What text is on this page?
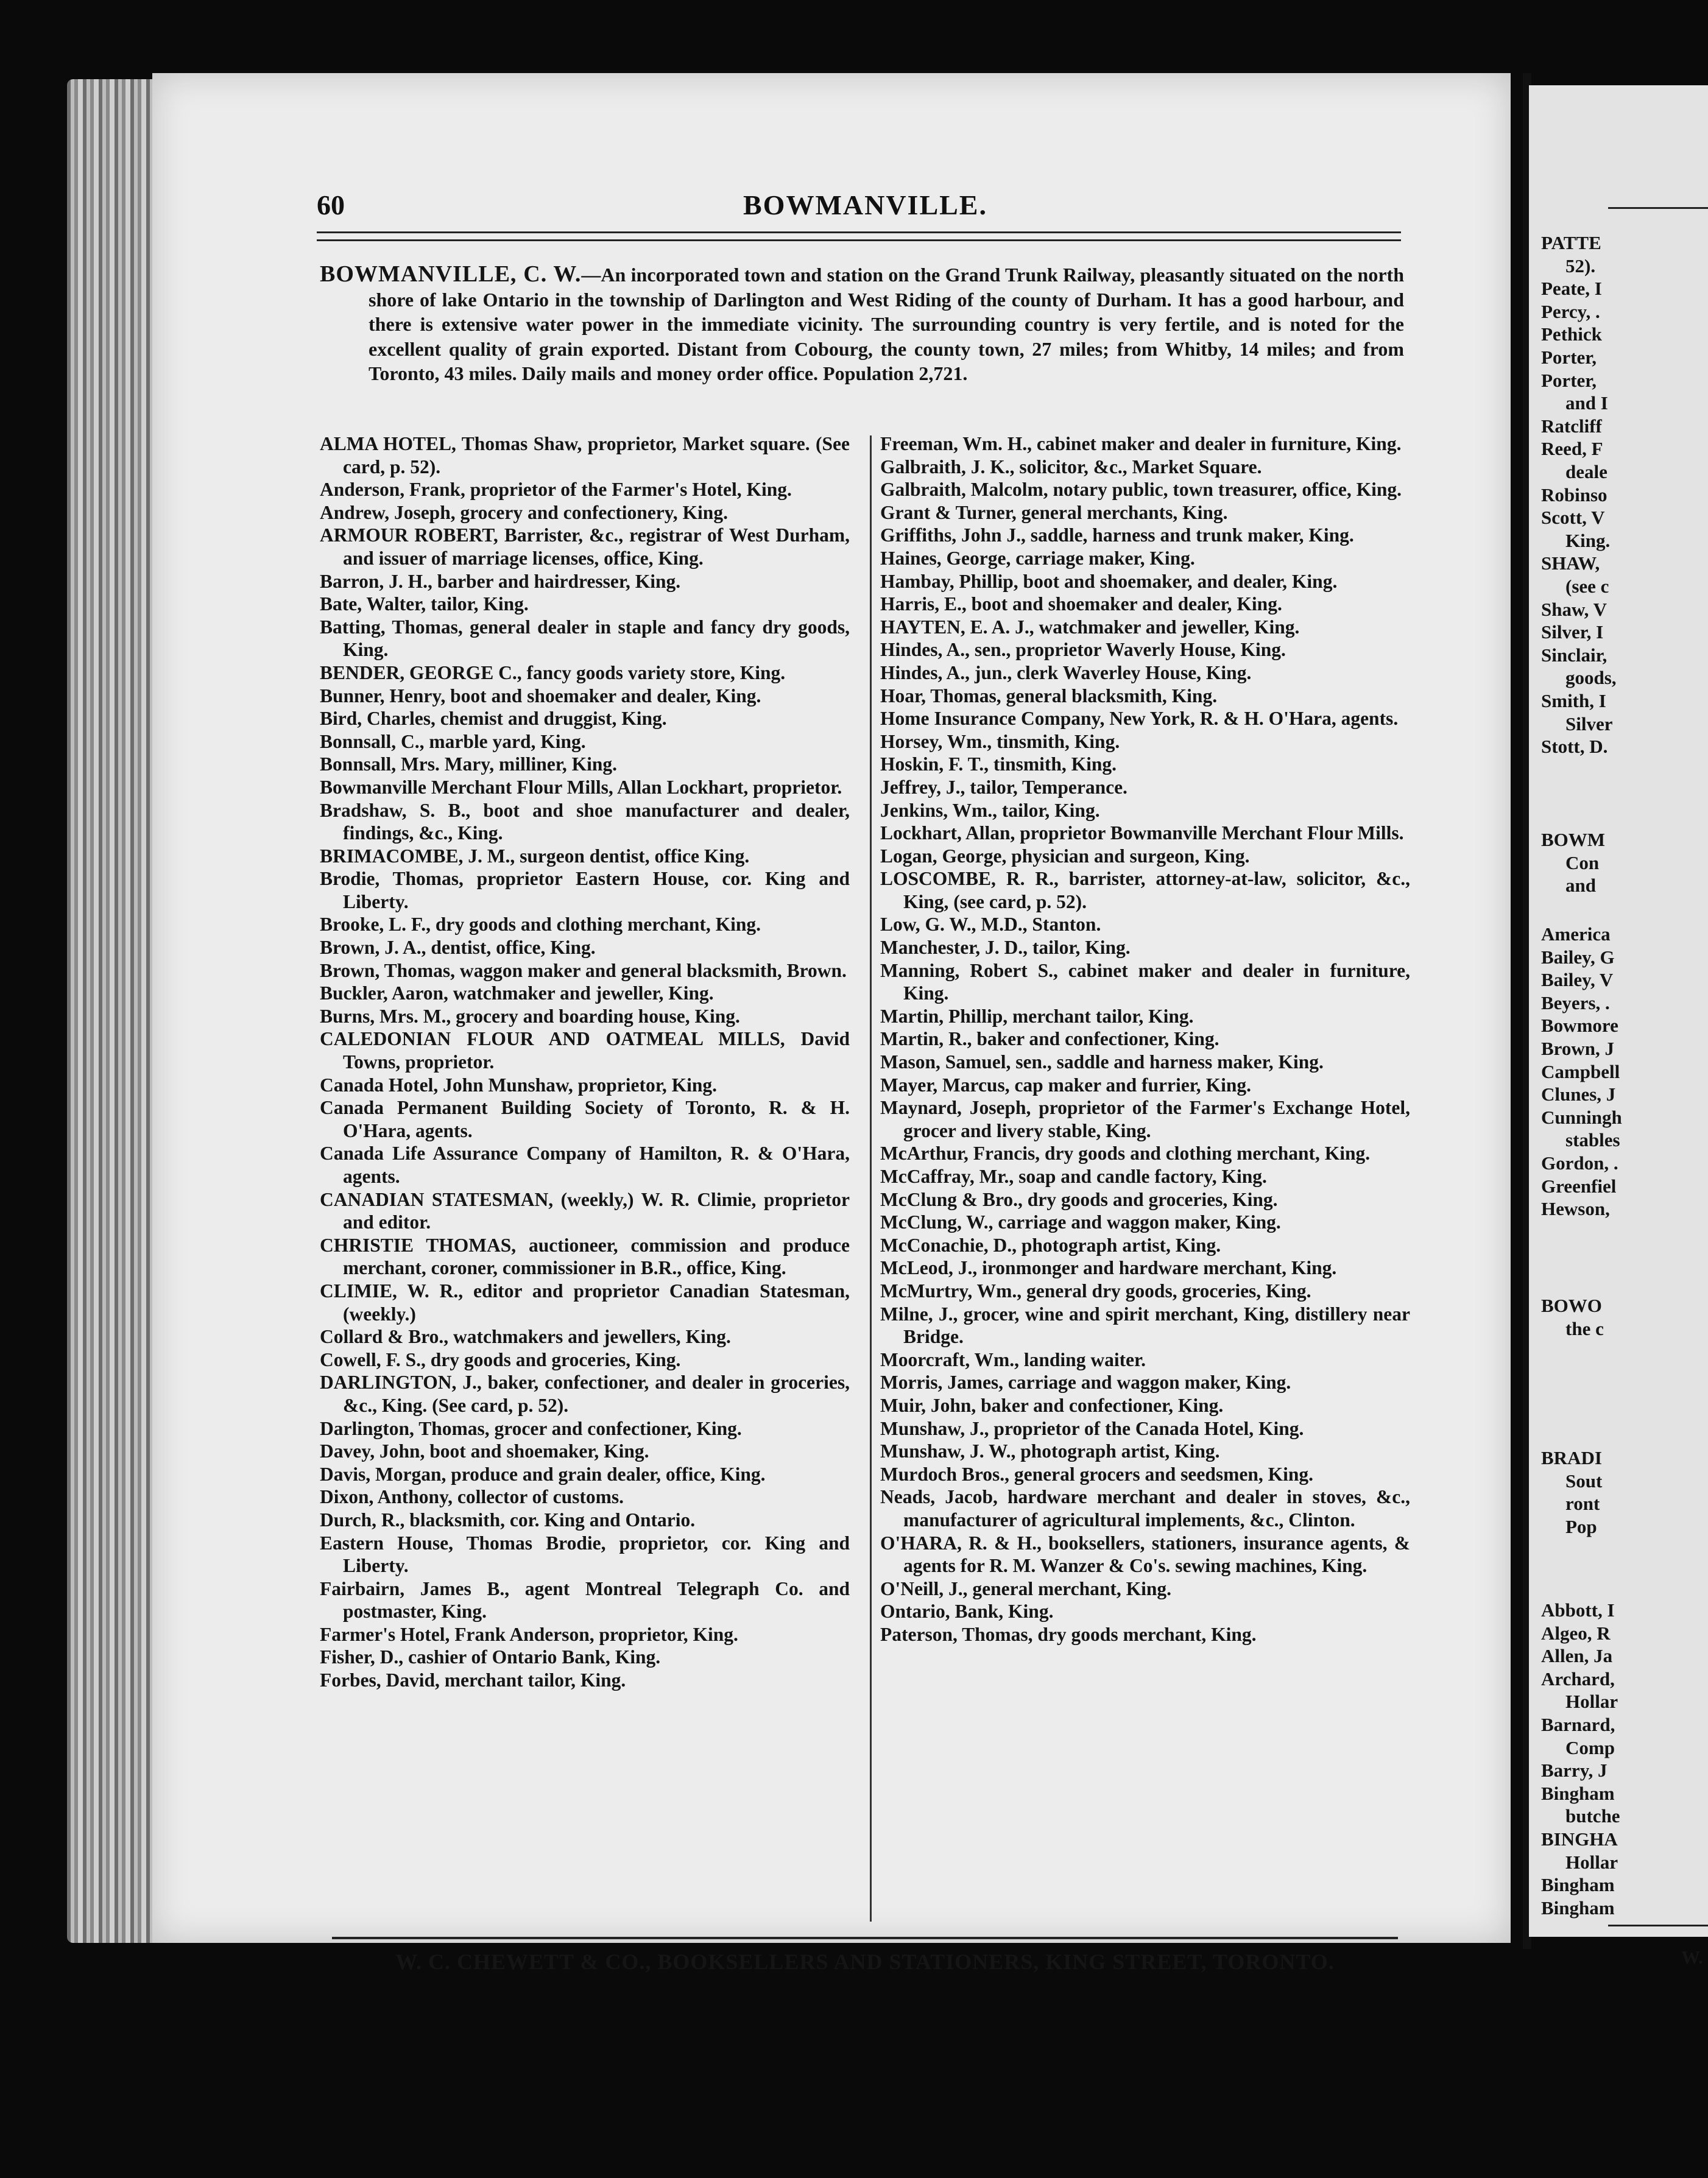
60	BOWMANVILLE.

BOWMANVILLE, C. W.—An incorporated town and station on the Grand Trunk Railway, pleasantly situated on the north shore of lake Ontario in the township of Darlington and West Riding of the county of Durham. It has a good harbour, and there is extensive water power in the immediate vicinity. The surrounding country is very fertile, and is noted for the excellent quality of grain exported. Distant from Cobourg, the county town, 27 miles; from Whitby, 14 miles; and from Toronto, 43 miles. Daily mails and money order office. Population 2,721.

ALMA HOTEL, Thomas Shaw, proprietor, Market square. (See card, p. 52).

Anderson, Frank, proprietor of the Farmer's Hotel, King.

Andrew, Joseph, grocery and confectionery, King.

ARMOUR ROBERT, Barrister, &c., registrar of West Durham, and issuer of marriage licenses, office, King.

Barron, J. H., barber and hairdresser, King.

Bate, Walter, tailor, King.

Batting, Thomas, general dealer in staple and fancy dry goods, King.

BENDER, GEORGE C., fancy goods variety store, King.

Bunner, Henry, boot and shoemaker and dealer, King.

Bird, Charles, chemist and druggist, King.

Bonnsall, C., marble yard, King.

Bonnsall, Mrs. Mary, milliner, King.

Bowmanville Merchant Flour Mills, Allan Lockhart, proprietor.

Bradshaw, S. B., boot and shoe manufacturer and dealer, findings, &c., King.

BRIMACOMBE, J. M., surgeon dentist, office King.

Brodie, Thomas, proprietor Eastern House, cor. King and Liberty.

Brooke, L. F., dry goods and clothing merchant, King.

Brown, J. A., dentist, office, King.

Brown, Thomas, waggon maker and general blacksmith, Brown.

Buckler, Aaron, watchmaker and jeweller, King.

Burns, Mrs. M., grocery and boarding house, King.

CALEDONIAN FLOUR AND OATMEAL MILLS, David Towns, proprietor.

Canada Hotel, John Munshaw, proprietor, King.

Canada Permanent Building Society of Toronto, R. & H. O'Hara, agents.

Canada Life Assurance Company of Hamilton, R. & O'Hara, agents.

CANADIAN STATESMAN, (weekly,) W. R. Climie, proprietor and editor.

CHRISTIE THOMAS, auctioneer, commission and produce merchant, coroner, commissioner in B.R., office, King.

CLIMIE, W. R., editor and proprietor Canadian Statesman, (weekly.)

Collard & Bro., watchmakers and jewellers, King.

Cowell, F. S., dry goods and groceries, King.

DARLINGTON, J., baker, confectioner, and dealer in groceries, &c., King. (See card, p. 52).

Darlington, Thomas, grocer and confectioner, King.

Davey, John, boot and shoemaker, King.

Davis, Morgan, produce and grain dealer, office, King.

Dixon, Anthony, collector of customs.

Durch, R., blacksmith, cor. King and Ontario.

Eastern House, Thomas Brodie, proprietor, cor. King and Liberty.

Fairbairn, James B., agent Montreal Telegraph Co. and postmaster, King.

Farmer's Hotel, Frank Anderson, proprietor, King.

Fisher, D., cashier of Ontario Bank, King.

Forbes, David, merchant tailor, King.

Freeman, Wm. H., cabinet maker and dealer in furniture, King.

Galbraith, J. K., solicitor, &c., Market Square.

Galbraith, Malcolm, notary public, town treasurer, office, King.

Grant & Turner, general merchants, King.

Griffiths, John J., saddle, harness and trunk maker, King.

Haines, George, carriage maker, King.

Hambay, Phillip, boot and shoemaker, and dealer, King.

Harris, E., boot and shoemaker and dealer, King.

HAYTEN, E. A. J., watchmaker and jeweller, King.

Hindes, A., sen., proprietor Waverly House, King.

Hindes, A., jun., clerk Waverley House, King.

Hoar, Thomas, general blacksmith, King.

Home Insurance Company, New York, R. & H. O'Hara, agents.

Horsey, Wm., tinsmith, King.

Hoskin, F. T., tinsmith, King.

Jeffrey, J., tailor, Temperance.

Jenkins, Wm., tailor, King.

Lockhart, Allan, proprietor Bowmanville Merchant Flour Mills.

Logan, George, physician and surgeon, King.

LOSCOMBE, R. R., barrister, attorney-at-law, solicitor, &c., King, (see card, p. 52).

Low, G. W., M.D., Stanton.

Manchester, J. D., tailor, King.

Manning, Robert S., cabinet maker and dealer in furniture, King.

Martin, Phillip, merchant tailor, King.

Martin, R., baker and confectioner, King.

Mason, Samuel, sen., saddle and harness maker, King.

Mayer, Marcus, cap maker and furrier, King.

Maynard, Joseph, proprietor of the Farmer's Exchange Hotel, grocer and livery stable, King.

McArthur, Francis, dry goods and clothing merchant, King.

McCaffray, Mr., soap and candle factory, King.

McClung & Bro., dry goods and groceries, King.

McClung, W., carriage and waggon maker, King.

McConachie, D., photograph artist, King.

McLeod, J., ironmonger and hardware merchant, King.

McMurtry, Wm., general dry goods, groceries, King.

Milne, J., grocer, wine and spirit merchant, King, distillery near Bridge.

Moorcraft, Wm., landing waiter.

Morris, James, carriage and waggon maker, King.

Muir, John, baker and confectioner, King.

Munshaw, J., proprietor of the Canada Hotel, King.

Munshaw, J. W., photograph artist, King.

Murdoch Bros., general grocers and seedsmen, King.

Neads, Jacob, hardware merchant and dealer in stoves, &c., manufacturer of agricultural implements, &c., Clinton.

O'HARA, R. & H., booksellers, stationers, insurance agents, & agents for R. M. Wanzer & Co's. sewing machines, King.

O'Neill, J., general merchant, King.

Ontario, Bank, King.

Paterson, Thomas, dry goods merchant, King.

W. C. CHEWETT & CO., BOOKSELLERS AND STATIONERS, KING STREET, TORONTO.
PATTE
52).
Peate, I
Percy, .
Pethick
Porter,
Porter,
and I
Ratcliff
Reed, F
deale
Robinso
Scott, V
King.
SHAW,
(see c
Shaw, V
Silver, I
Sinclair,
goods,
Smith, I
Silver
Stott, D.
BOWM
Con
and
America
Bailey, G
Bailey, V
Beyers, .
Bowmore
Brown, J
Campbell
Clunes, J
Cunningh
stables
Gordon, .
Greenfiel
Hewson,
BOWO
the c
BRADI
Sout
ront
Pop
Abbott, I
Algeo, R
Allen, Ja
Archard,
Hollar
Barnard,
Comp
Barry, J
Bingham
butche
BINGHA
Hollar
Bingham
Bingham
W.
